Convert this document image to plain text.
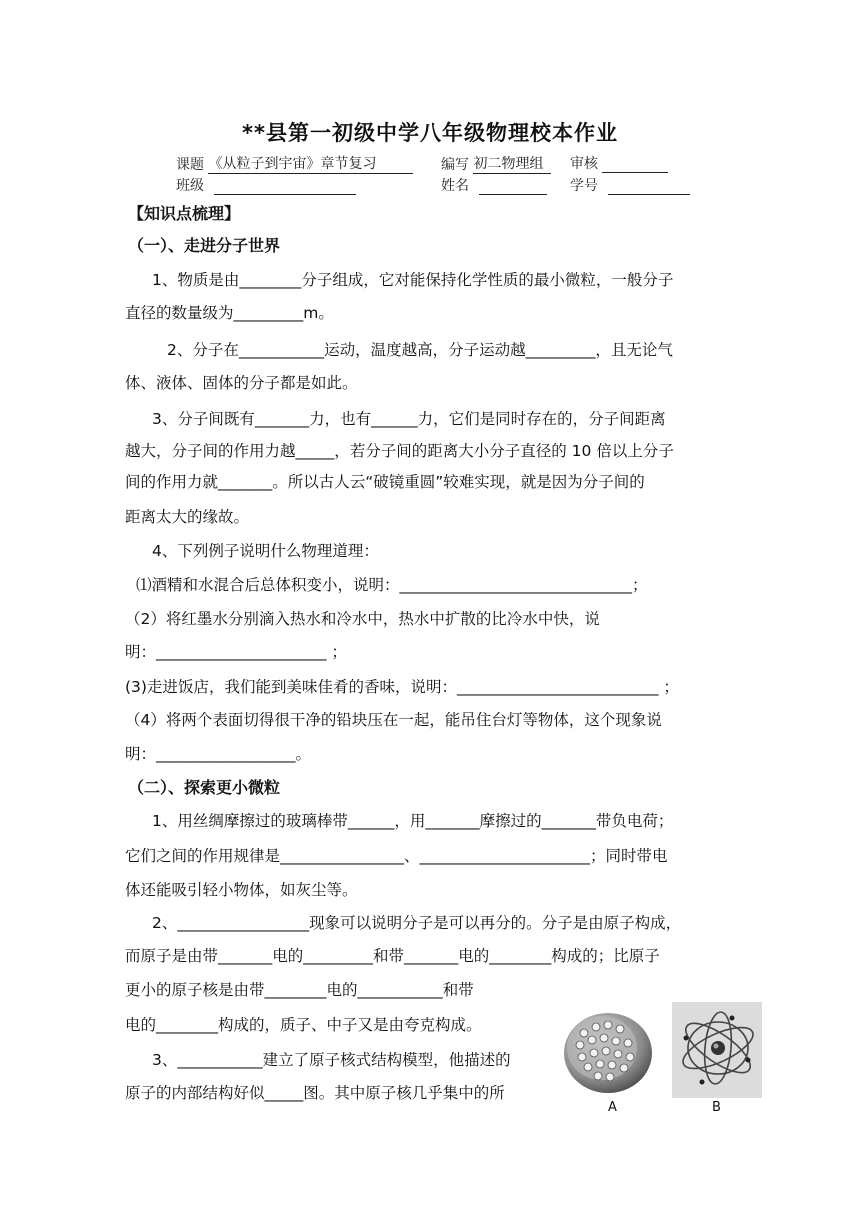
**县第一初级中学八年级物理校本作业
课题 《从粒子到宇宙》章节复习	编写 初二物理组	审核
班级	姓名	学号
【知识点梳理】
（一）、走进分子世界
1、物质是由________分子组成，它对能保持化学性质的最小微粒，一般分子
直径的数量级为_________m。
2、分子在___________运动，温度越高，分子运动越_________，且无论气
体、液体、固体的分子都是如此。
3、分子间既有_______力，也有______力，它们是同时存在的，分子间距离
越大，分子间的作用力越_____，若分子间的距离大小分子直径的 10 倍以上分子
间的作用力就_______。所以古人云“破镜重圆”较难实现，就是因为分子间的
距离太大的缘故。
4、下列例子说明什么物理道理：
⑴酒精和水混合后总体积变小，说明：______________________________；
（2）将红墨水分别滴入热水和冷水中，热水中扩散的比冷水中快，说
明：______________________ ；
(3)走进饭店，我们能到美味佳肴的香味，说明：__________________________ ；
（4）将两个表面切得很干净的铅块压在一起，能吊住台灯等物体，这个现象说
明：__________________。
（二）、探索更小微粒
1、用丝绸摩擦过的玻璃棒带______，用_______摩擦过的_______带负电荷；
它们之间的作用规律是________________、______________________；同时带电
体还能吸引轻小物体，如灰尘等。
2、_________________现象可以说明分子是可以再分的。分子是由原子构成，
而原子是由带_______电的_________和带_______电的________构成的；比原子
更小的原子核是由带________电的___________和带
电的________构成的，质子、中子又是由夸克构成。
3、___________建立了原子核式结构模型，他描述的
原子的内部结构好似_____图。其中原子核几乎集中的所
A	B
